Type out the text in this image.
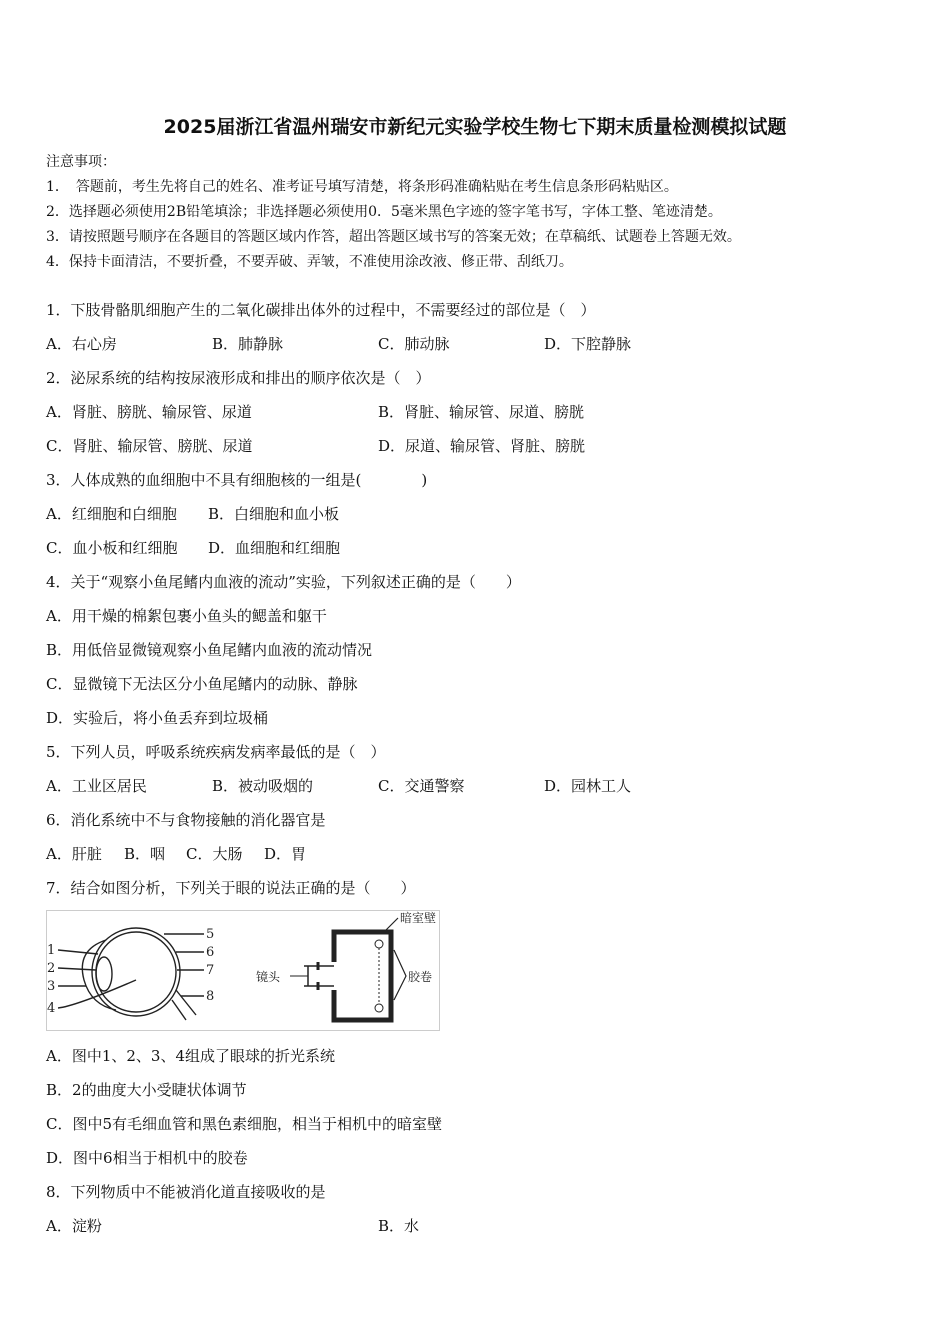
2025届浙江省温州瑞安市新纪元实验学校生物七下期末质量检测模拟试题
注意事项：
1．　答题前，考生先将自己的姓名、准考证号填写清楚，将条形码准确粘贴在考生信息条形码粘贴区。
2．选择题必须使用2B铅笔填涂；非选择题必须使用0．5毫米黑色字迹的签字笔书写，字体工整、笔迹清楚。
3．请按照题号顺序在各题目的答题区域内作答，超出答题区域书写的答案无效；在草稿纸、试题卷上答题无效。
4．保持卡面清洁，不要折叠，不要弄破、弄皱，不准使用涂改液、修正带、刮纸刀。
1．下肢骨骼肌细胞产生的二氧化碳排出体外的过程中，不需要经过的部位是（　）
A．右心房	B．肺静脉	C．肺动脉	D．下腔静脉
2．泌尿系统的结构按尿液形成和排出的顺序依次是（　）
A．肾脏、膀胱、输尿管、尿道	B．肾脏、输尿管、尿道、膀胱
C．肾脏、输尿管、膀胱、尿道	D．尿道、输尿管、肾脏、膀胱
3．人体成熟的血细胞中不具有细胞核的一组是(　　　　)
A．红细胞和白细胞	B．白细胞和血小板
C．血小板和红细胞	D．血细胞和红细胞
4．关于“观察小鱼尾鳍内血液的流动”实验，下列叙述正确的是（　　）
A．用干燥的棉絮包裹小鱼头的鳃盖和躯干
B．用低倍显微镜观察小鱼尾鳍内血液的流动情况
C．显微镜下无法区分小鱼尾鳍内的动脉、静脉
D．实验后，将小鱼丢弃到垃圾桶
5．下列人员，呼吸系统疾病发病率最低的是（　）
A．工业区居民	B．被动吸烟的	C．交通警察	D．园林工人
6．消化系统中不与食物接触的消化器官是
A．肝脏	B．咽	C．大肠	D．胃
7．结合如图分析，下列关于眼的说法正确的是（　　）
1
2
3
4
5
6
7
8
暗室壁
镜头	胶卷
A．图中1、2、3、4组成了眼球的折光系统
B．2的曲度大小受睫状体调节
C．图中5有毛细血管和黑色素细胞，相当于相机中的暗室壁
D．图中6相当于相机中的胶卷
8．下列物质中不能被消化道直接吸收的是
A．淀粉	B．水
